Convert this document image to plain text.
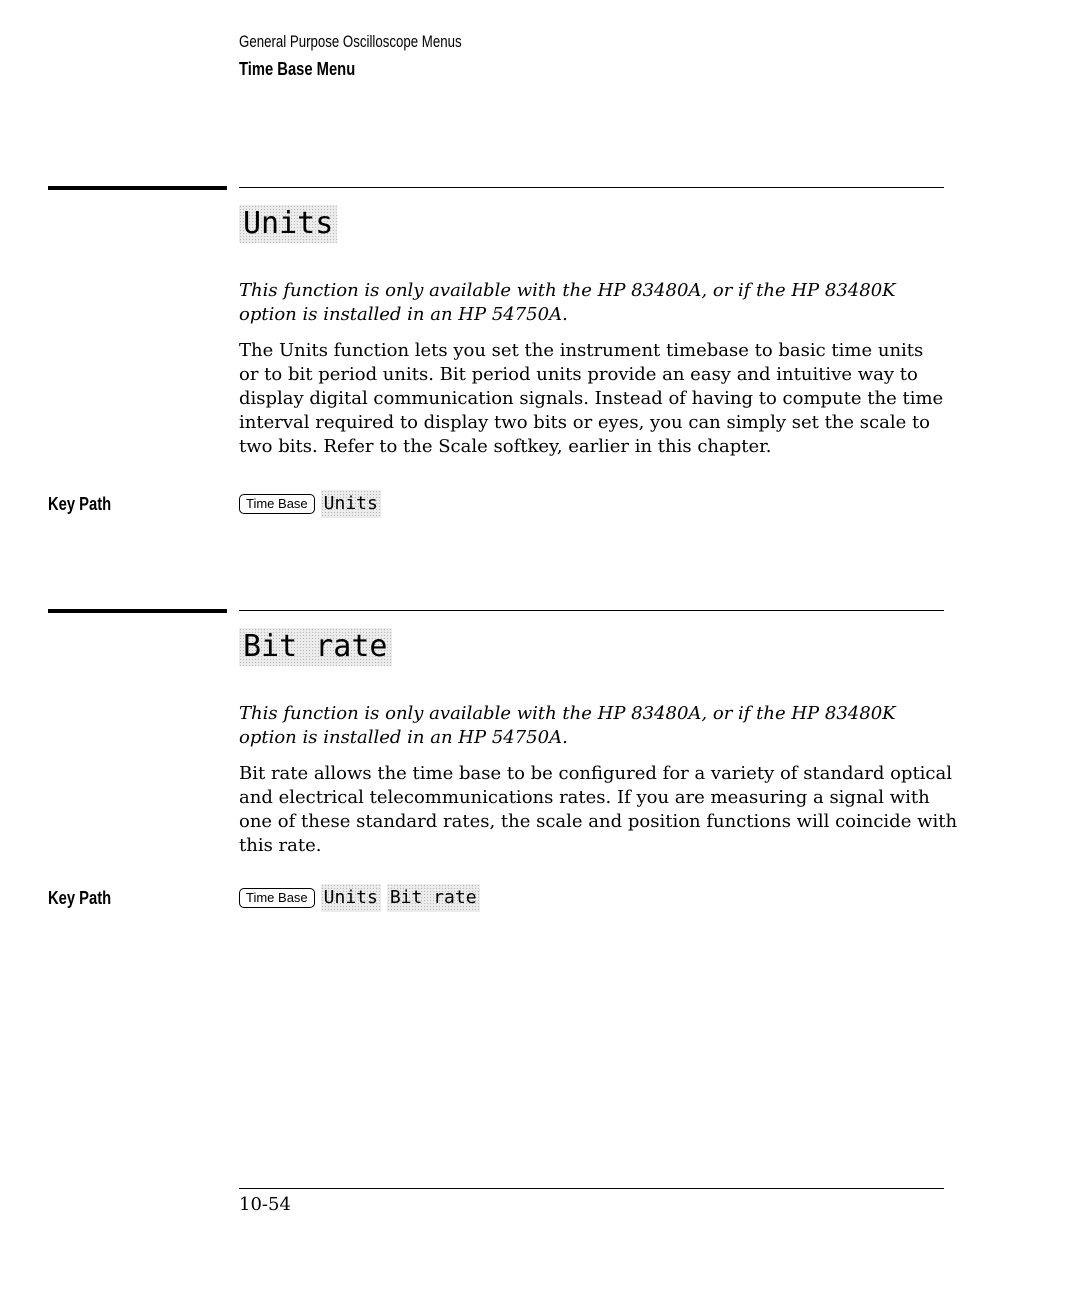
General Purpose Oscilloscope Menus
Time Base Menu
Units
This function is only available with the HP 83480A, or if the HP 83480K
option is installed in an HP 54750A.
The Units function lets you set the instrument timebase to basic time units
or to bit period units. Bit period units provide an easy and intuitive way to
display digital communication signals. Instead of having to compute the time
interval required to display two bits or eyes, you can simply set the scale to
two bits. Refer to the Scale softkey, earlier in this chapter.
Key Path	Time Base Units
Bit rate
This function is only available with the HP 83480A, or if the HP 83480K
option is installed in an HP 54750A.
Bit rate allows the time base to be configured for a variety of standard optical
and electrical telecommunications rates. If you are measuring a signal with
one of these standard rates, the scale and position functions will coincide with
this rate.
Key Path	Time Base Units Bit rate
10-54
